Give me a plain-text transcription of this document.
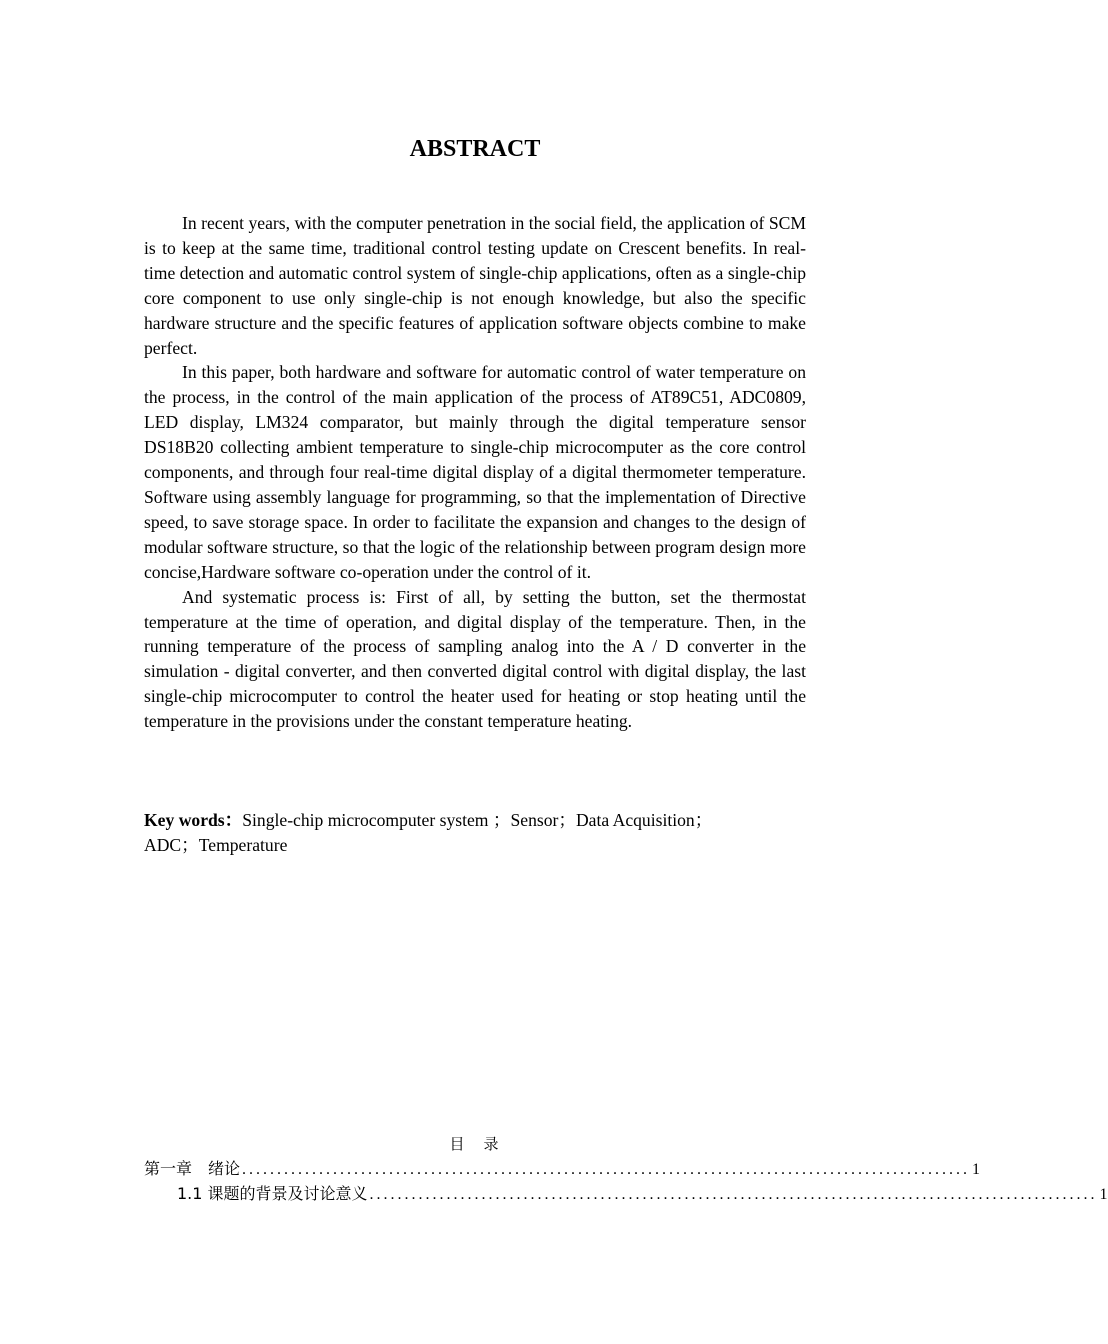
ABSTRACT

In recent years, with the computer penetration in the social field, the application of SCM is to keep at the same time, traditional control testing update on Crescent benefits. In real-time detection and automatic control system of single-chip applications, often as a single-chip core component to use only single-chip is not enough knowledge, but also the specific hardware structure and the specific features of application software objects combine to make perfect.

In this paper, both hardware and software for automatic control of water temperature on the process, in the control of the main application of the process of AT89C51, ADC0809, LED display, LM324 comparator, but mainly through the digital temperature sensor DS18B20 collecting ambient temperature to single-chip microcomputer as the core control components, and through four real-time digital display of a digital thermometer temperature. Software using assembly language for programming, so that the implementation of Directive speed, to save storage space. In order to facilitate the expansion and changes to the design of modular software structure, so that the logic of the relationship between program design more concise,Hardware software co-operation under the control of it.

And systematic process is: First of all, by setting the button, set the thermostat temperature at the time of operation, and digital display of the temperature. Then, in the running temperature of the process of sampling analog into the A / D converter in the simulation - digital converter, and then converted digital control with digital display, the last single-chip microcomputer to control the heater used for heating or stop heating until the temperature in the provisions under the constant temperature heating.

Key words：Single-chip microcomputer system ；Sensor；Data Acquisition；
ADC；Temperature
目　录
第一章　绪论 ........................................................................................................ 1
1.1 课题的背景及讨论意义 ........................................................................................................ 1
